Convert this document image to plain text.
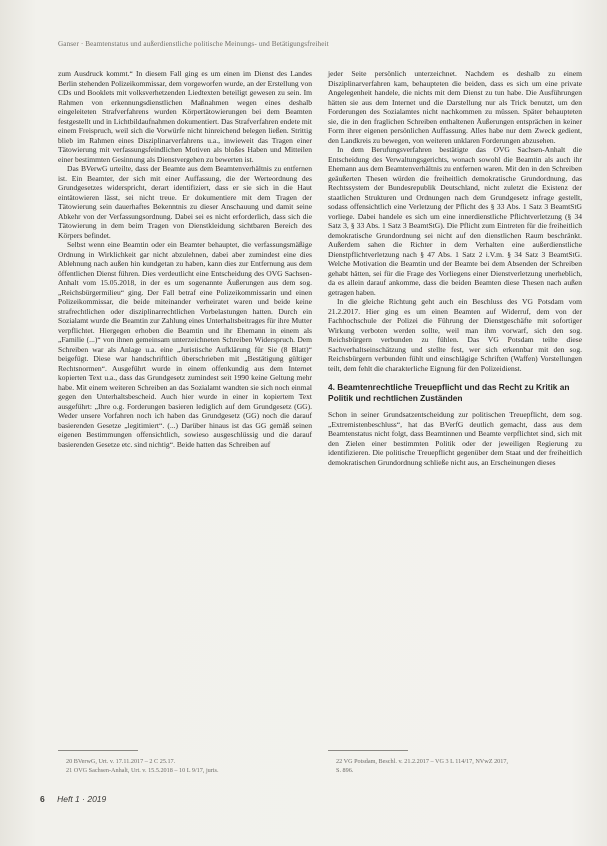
Ganser · Beamtenstatus und außerdienstliche politische Meinungs- und Betätigungsfreiheit

zum Ausdruck kommt.“ In diesem Fall ging es um einen im Dienst des Landes Berlin stehenden Polizeikommissar, dem vorgeworfen wurde, an der Erstellung von CDs und Booklets mit volksverhetzenden Liedtexten beteiligt gewesen zu sein. Im Rahmen von erkennungsdienstlichen Maßnahmen wegen eines deshalb eingeleiteten Strafverfahrens wurden Körpertätowierungen bei dem Beamten festgestellt und in Lichtbildaufnahmen dokumentiert. Das Strafverfahren endete mit einem Freispruch, weil sich die Vorwürfe nicht hinreichend belegen ließen. Strittig blieb im Rahmen eines Disziplinarverfahrens u.a., inwieweit das Tragen einer Tätowierung mit verfassungsfeindlichen Motiven als bloßes Haben und Mitteilen einer bestimmten Gesinnung als Dienstvergehen zu bewerten ist.

Das BVerwG urteilte, dass der Beamte aus dem Beamtenverhältnis zu entfernen ist. Ein Beamter, der sich mit einer Auffassung, die der Werteordnung des Grundgesetzes widerspricht, derart identifiziert, dass er sie sich in die Haut eintätowieren lässt, sei nicht treue. Er dokumentiere mit dem Tragen der Tätowierung sein dauerhaftes Bekenntnis zu dieser Anschauung und damit seine Abkehr von der Verfassungsordnung. Dabei sei es nicht erforderlich, dass sich die Tätowierung in dem beim Tragen von Dienstkleidung sichtbaren Bereich des Körpers befindet.

Selbst wenn eine Beamtin oder ein Beamter behauptet, die verfassungsmäßige Ordnung in Wirklichkeit gar nicht abzulehnen, dabei aber zumindest eine dies Ablehnung nach außen hin kundgetan zu haben, kann dies zur Entfernung aus dem öffentlichen Dienst führen. Dies verdeutlicht eine Entscheidung des OVG Sachsen-Anhalt vom 15.05.2018, in der es um sogenannte Äußerungen aus dem sog. „Reichsbürgermilieu“ ging. Der Fall betraf eine Polizeikommissarin und einen Polizeikommissar, die beide miteinander verheiratet waren und beide keine strafrechtlichen oder disziplinarrechtlichen Vorbelastungen hatten. Durch ein Sozialamt wurde die Beamtin zur Zahlung eines Unterhaltsbeitrages für ihre Mutter verpflichtet. Hiergegen erhoben die Beamtin und ihr Ehemann in einem als „Familie (...)“ von ihnen gemeinsam unterzeichneten Schreiben Widerspruch. Dem Schreiben war als Anlage u.a. eine „Juristische Aufklärung für Sie (8 Blatt)“ beigefügt. Diese war handschriftlich überschrieben mit „Bestätigung gültiger Rechtsnormen“. Ausgeführt wurde in einem offenkundig aus dem Internet kopierten Text u.a., dass das Grundgesetz zumindest seit 1990 keine Geltung mehr habe. Mit einem weiteren Schreiben an das Sozialamt wandten sie sich noch einmal gegen den Unterhaltsbescheid. Auch hier wurde in einer in kopiertem Text ausgeführt: „Ihre o.g. Forderungen basieren lediglich auf dem Grundgesetz (GG). Weder unsere Vorfahren noch ich haben das Grundgesetz (GG) noch die darauf basierenden Gesetze „legitimiert“. (...) Darüber hinaus ist das GG gemäß seinen eigenen Bestimmungen offensichtlich, sowieso ausgeschlüssig und die darauf basierenden Gesetze etc. sind nichtig“. Beide hatten das Schreiben auf

jeder Seite persönlich unterzeichnet. Nachdem es deshalb zu einem Disziplinarverfahren kam, behaupteten die beiden, dass es sich um eine private Angelegenheit handele, die nichts mit dem Dienst zu tun habe. Die Ausführungen hätten sie aus dem Internet und die Darstellung nur als Trick benutzt, um den Forderungen des Sozialamtes nicht nachkommen zu müssen. Später behaupteten sie, die in den fraglichen Schreiben enthaltenen Äußerungen entsprächen in keiner Form ihrer eigenen persönlichen Auffassung. Alles habe nur dem Zweck gedient, den Landkreis zu bewegen, von weiteren unklaren Forderungen abzusehen.

In dem Berufungsverfahren bestätigte das OVG Sachsen-Anhalt die Entscheidung des Verwaltungsgerichts, wonach sowohl die Beamtin als auch ihr Ehemann aus dem Beamtenverhältnis zu entfernen waren. Mit den in den Schreiben geäußerten Thesen würden die freiheitlich demokratische Grundordnung, das Rechtssystem der Bundesrepublik Deutschland, nicht zuletzt die Existenz der staatlichen Strukturen und Ordnungen nach dem Grundgesetz infrage gestellt, sodass offensichtlich eine Verletzung der Pflicht des § 33 Abs. 1 Satz 3 BeamtStG vorliege. Dabei handele es sich um eine innerdienstliche Pflichtverletzung (§ 34 Satz 3, § 33 Abs. 1 Satz 3 BeamtStG). Die Pflicht zum Eintreten für die freiheitlich demokratische Grundordnung sei nicht auf den dienstlichen Raum beschränkt. Außerdem sahen die Richter in dem Verhalten eine außerdienstliche Dienstpflichtverletzung nach § 47 Abs. 1 Satz 2 i.V.m. § 34 Satz 3 BeamtStG. Welche Motivation die Beamtin und der Beamte bei dem Absenden der Schreiben gehabt hätten, sei für die Frage des Vorliegens einer Dienstverletzung unerheblich, da es allein darauf ankomme, dass die beiden Beamten diese Thesen nach außen getragen haben.

In die gleiche Richtung geht auch ein Beschluss des VG Potsdam vom 21.2.2017. Hier ging es um einen Beamten auf Widerruf, dem von der Fachhochschule der Polizei die Führung der Dienstgeschäfte mit sofortiger Wirkung verboten werden sollte, weil man ihm vorwarf, sich den sog. Reichsbürgern verbunden zu fühlen. Das VG Potsdam teilte diese Sachverhaltseinschätzung und stellte fest, wer sich erkennbar mit den sog. Reichsbürgern verbunden fühlt und einschlägige Schriften (Waffen) Vorstellungen teilt, dem fehlt die charakterliche Eignung für den Polizeidienst.

4. Beamtenrechtliche Treuepflicht und das Recht zu Kritik an Politik und rechtlichen Zuständen

Schon in seiner Grundsatzentscheidung zur politischen Treuepflicht, dem sog. „Extremistenbeschluss“, hat das BVerfG deutlich gemacht, dass aus dem Beamtenstatus nicht folgt, dass Beamtinnen und Beamte verpflichtet sind, sich mit den Zielen einer bestimmten Politik oder der jeweiligen Regierung zu identifizieren. Die politische Treuepflicht gegenüber dem Staat und der freiheitlich demokratischen Grundordnung schließe nicht aus, an Erscheinungen dieses

20 BVerwG, Urt. v. 17.11.2017 – 2 C 25.17.
21 OVG Sachsen-Anhalt, Urt. v. 15.5.2018 – 10 L 9/17, juris.
22 VG Potsdam, Beschl. v. 21.2.2017 – VG 3 L 114/17, NVwZ 2017,
S. 896.
6 Heft 1 · 2019
